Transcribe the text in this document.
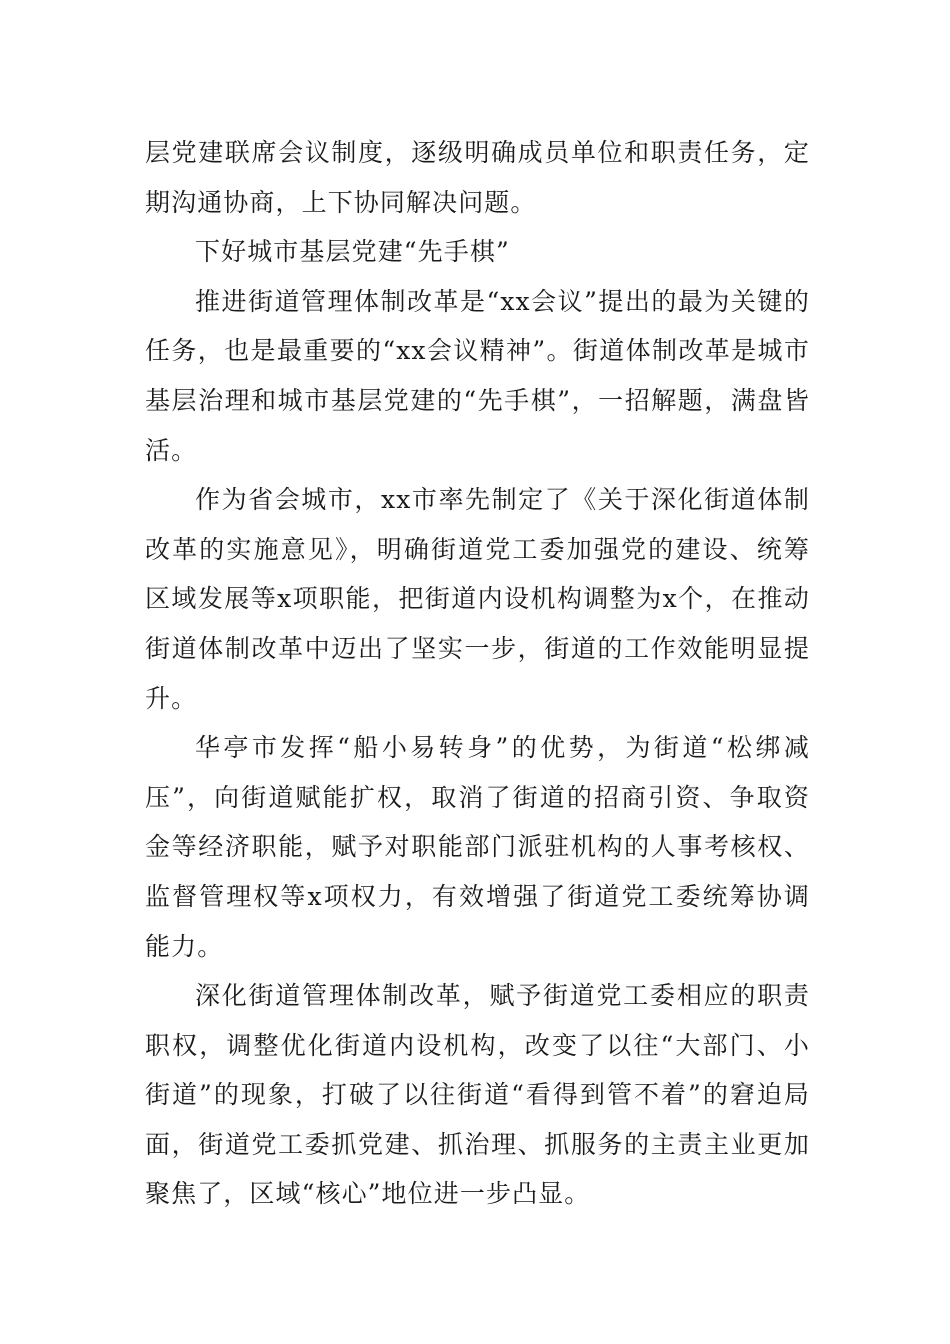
层党建联席会议制度，逐级明确成员单位和职责任务，定期沟通协商，上下协同解决问题。

下好城市基层党建“先手棋”

推进街道管理体制改革是“xx会议”提出的最为关键的任务，也是最重要的“xx会议精神”。街道体制改革是城市基层治理和城市基层党建的“先手棋”，一招解题，满盘皆活。

作为省会城市，xx市率先制定了《关于深化街道体制改革的实施意见》，明确街道党工委加强党的建设、统筹区域发展等x项职能，把街道内设机构调整为x个，在推动街道体制改革中迈出了坚实一步，街道的工作效能明显提升。

华亭市发挥“船小易转身”的优势，为街道“松绑减压”，向街道赋能扩权，取消了街道的招商引资、争取资金等经济职能，赋予对职能部门派驻机构的人事考核权、监督管理权等x项权力，有效增强了街道党工委统筹协调能力。

深化街道管理体制改革，赋予街道党工委相应的职责职权，调整优化街道内设机构，改变了以往“大部门、小街道”的现象，打破了以往街道“看得到管不着”的窘迫局面，街道党工委抓党建、抓治理、抓服务的主责主业更加聚焦了，区域“核心”地位进一步凸显。
